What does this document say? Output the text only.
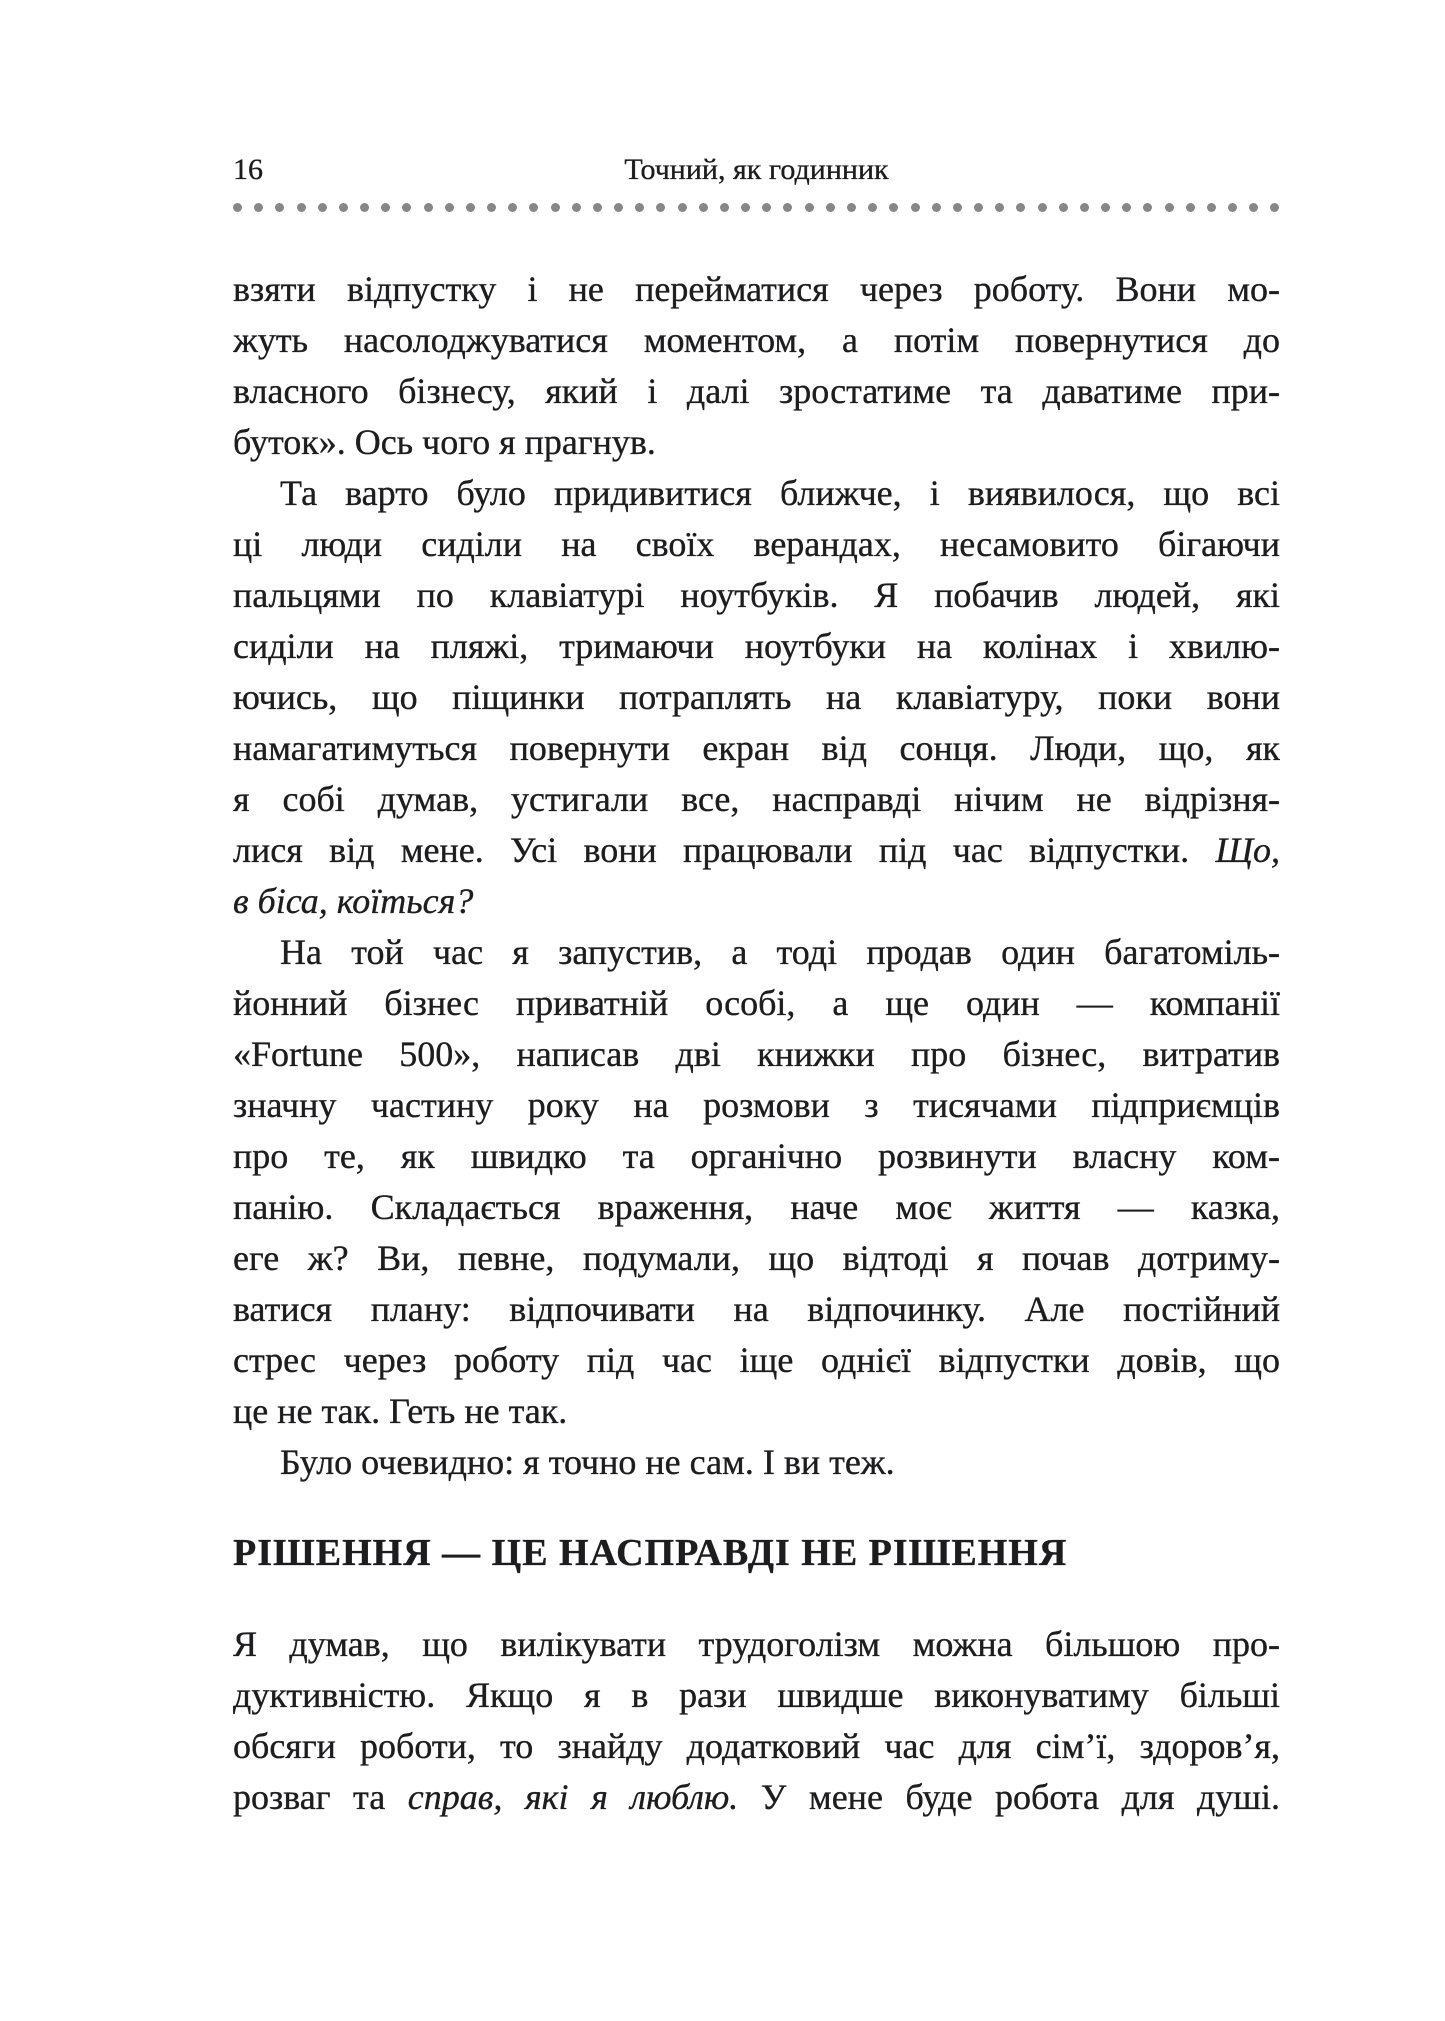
16	Точний, як годинник
взяти відпустку і не перейматися через роботу. Вони мо-
жуть насолоджуватися моментом, а потім повернутися до
власного бізнесу, який і далі зростатиме та даватиме при-
буток». Ось чого я прагнув.
Та варто було придивитися ближче, і виявилося, що всі
ці люди сиділи на своїх верандах, несамовито бігаючи
пальцями по клавіатурі ноутбуків. Я побачив людей, які
сиділи на пляжі, тримаючи ноутбуки на колінах і хвилю-
ючись, що піщинки потраплять на клавіатуру, поки вони
намагатимуться повернути екран від сонця. Люди, що, як
я собі думав, устигали все, насправді нічим не відрізня-
лися від мене. Усі вони працювали під час відпустки. Що,
в біса, коїться?
На той час я запустив, а тоді продав один багатоміль-
йонний бізнес приватній особі, а ще один — компанії
«Fortune 500», написав дві книжки про бізнес, витратив
значну частину року на розмови з тисячами підприємців
про те, як швидко та органічно розвинути власну ком-
панію. Складається враження, наче моє життя — казка,
еге ж? Ви, певне, подумали, що відтоді я почав дотриму-
ватися плану: відпочивати на відпочинку. Але постійний
стрес через роботу під час іще однієї відпустки довів, що
це не так. Геть не так.
Було очевидно: я точно не сам. І ви теж.
РІШЕННЯ — ЦЕ НАСПРАВДІ НЕ РІШЕННЯ
Я думав, що вилікувати трудоголізм можна більшою про-
дуктивністю. Якщо я в рази швидше виконуватиму більші
обсяги роботи, то знайду додатковий час для сім’ї, здоров’я,
розваг та справ, які я люблю. У мене буде робота для душі.
